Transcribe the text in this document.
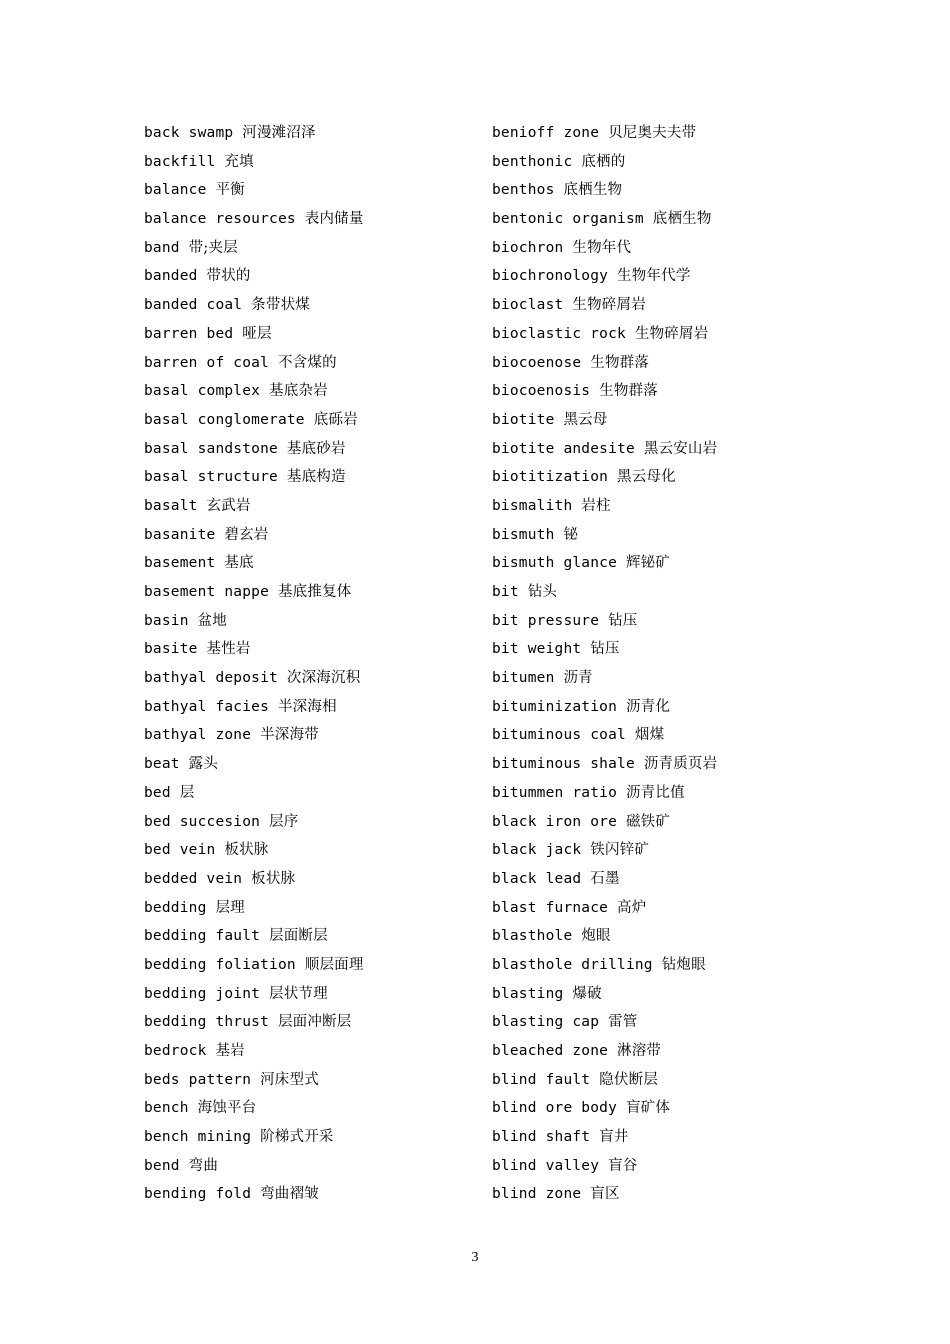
back swamp 河漫滩沼泽
backfill 充填
balance 平衡
balance resources 表内储量
band 带;夹层
banded 带状的
banded coal 条带状煤
barren bed 哑层
barren of coal 不含煤的
basal complex 基底杂岩
basal conglomerate 底砾岩
basal sandstone 基底砂岩
basal structure 基底构造
basalt 玄武岩
basanite 碧玄岩
basement 基底
basement nappe 基底推复体
basin 盆地
basite 基性岩
bathyal deposit 次深海沉积
bathyal facies 半深海相
bathyal zone 半深海带
beat 露头
bed 层
bed succesion 层序
bed vein 板状脉
bedded vein 板状脉
bedding 层理
bedding fault 层面断层
bedding foliation 顺层面理
bedding joint 层状节理
bedding thrust 层面冲断层
bedrock 基岩
beds pattern 河床型式
bench 海蚀平台
bench mining 阶梯式开采
bend 弯曲
bending fold 弯曲褶皱
benioff zone 贝尼奥夫夫带
benthonic 底栖的
benthos 底栖生物
bentonic organism 底栖生物
biochron 生物年代
biochronology 生物年代学
bioclast 生物碎屑岩
bioclastic rock 生物碎屑岩
biocoenose 生物群落
biocoenosis 生物群落
biotite 黑云母
biotite andesite 黑云安山岩
biotitization 黑云母化
bismalith 岩柱
bismuth 铋
bismuth glance 辉铋矿
bit 钻头
bit pressure 钻压
bit weight 钻压
bitumen 沥青
bituminization 沥青化
bituminous coal 烟煤
bituminous shale 沥青质页岩
bitummen ratio 沥青比值
black iron ore 磁铁矿
black jack 铁闪锌矿
black lead 石墨
blast furnace 高炉
blasthole 炮眼
blasthole drilling 钻炮眼
blasting 爆破
blasting cap 雷管
bleached zone 淋溶带
blind fault 隐伏断层
blind ore body 盲矿体
blind shaft 盲井
blind valley 盲谷
blind zone 盲区
3
